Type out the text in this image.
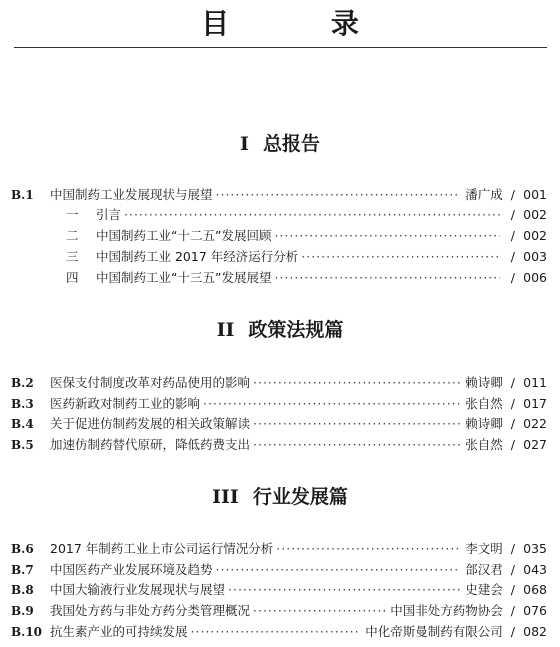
目 录
I 总报告
B.1 中国制药工业发展现状与展望 ·····	潘广成 / 001
一	引言 ·····	/ 002
二	中国制药工业“十二五”发展回顾 ·····	/ 002
三	中国制药工业 2017 年经济运行分析 ·····	/ 003
四	中国制药工业“十三五”发展展望 ·····	/ 006
II 政策法规篇
B.2 医保支付制度改革对药品使用的影响 ·····	赖诗卿 / 011
B.3 医药新政对制药工业的影响 ·····	张自然 / 017
B.4 关于促进仿制药发展的相关政策解读 ·····	赖诗卿 / 022
B.5 加速仿制药替代原研，降低药费支出 ·····	张自然 / 027
III 行业发展篇
B.6 2017 年制药工业上市公司运行情况分析 ·····	李文明 / 035
B.7 中国医药产业发展环境及趋势 ·····	郃汉君 / 043
B.8 中国大输液行业发展现状与展望 ·····	史建会 / 068
B.9 我国处方药与非处方药分类管理概况 ·····	中国非处方药物协会 / 076
B.10 抗生素产业的可持续发展 ·····	中化帝斯曼制药有限公司 / 082
